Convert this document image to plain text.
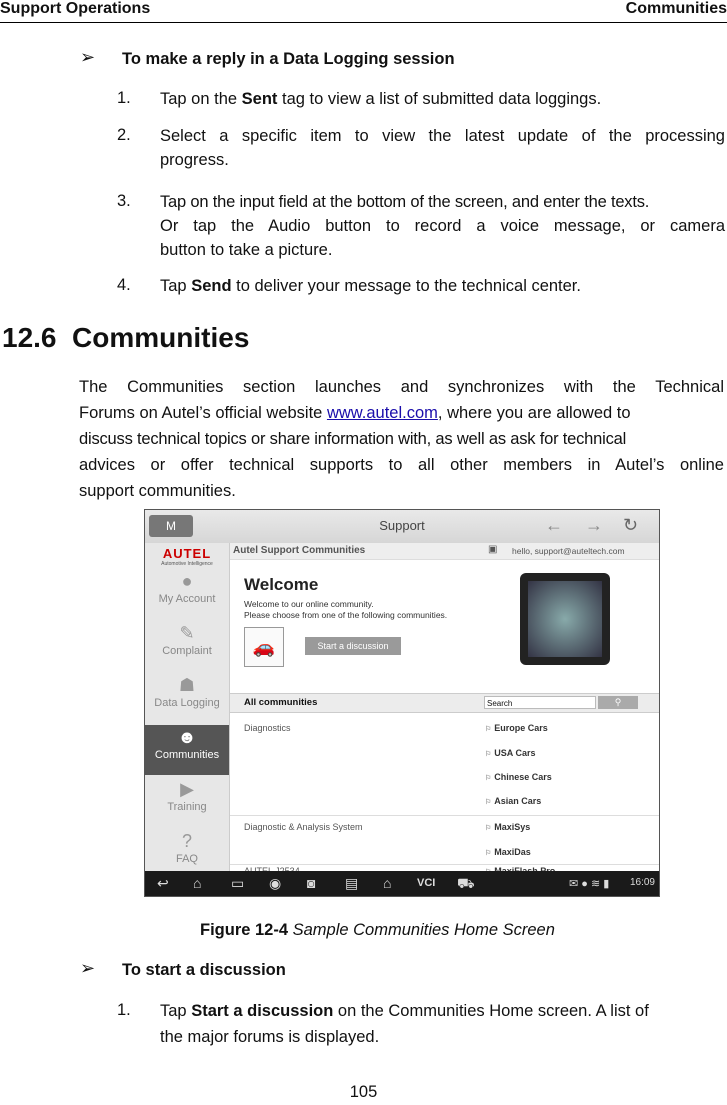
Support Operations	Communities
➢ To make a reply in a Data Logging session
1. Tap on the Sent tag to view a list of submitted data loggings.
2. Select a specific item to view the latest update of the processing
progress.
3. Tap on the input field at the bottom of the screen, and enter the texts.
Or tap the Audio button to record a voice message, or camera
button to take a picture.
4. Tap Send to deliver your message to the technical center.
12.6  Communities
The Communities section launches and synchronizes with the Technical
Forums on Autel’s official website www.autel.com, where you are allowed to
discuss technical topics or share information with, as well as ask for technical
advices or offer technical supports to all other members in Autel’s online
support communities.
M	Support	← → ↻
AUTEL
Automotive Intelligence
●
My Account
✎
Complaint
☗
Data Logging
☻
Communities
▶
Training
?
FAQ
Autel Support Communities	▣ hello, support@auteltech.com
Welcome
Welcome to our online community.
Please choose from one of the following communities.
🚗	Start a discussion
All communities	Search	⚲
Diagnostics	⚐ Europe Cars
⚐ USA Cars
⚐ Chinese Cars
⚐ Asian Cars
Diagnostic & Analysis System	⚐ MaxiSys
⚐ MaxiDas
↩ ⌂ ▭ ◉ ◙ ▤ ⌂ VCI ⛟	✉ ● ≋ ▮ 16:09
Figure 12-4 Sample Communities Home Screen
➢ To start a discussion
1. Tap Start a discussion on the Communities Home screen. A list of
the major forums is displayed.
105
